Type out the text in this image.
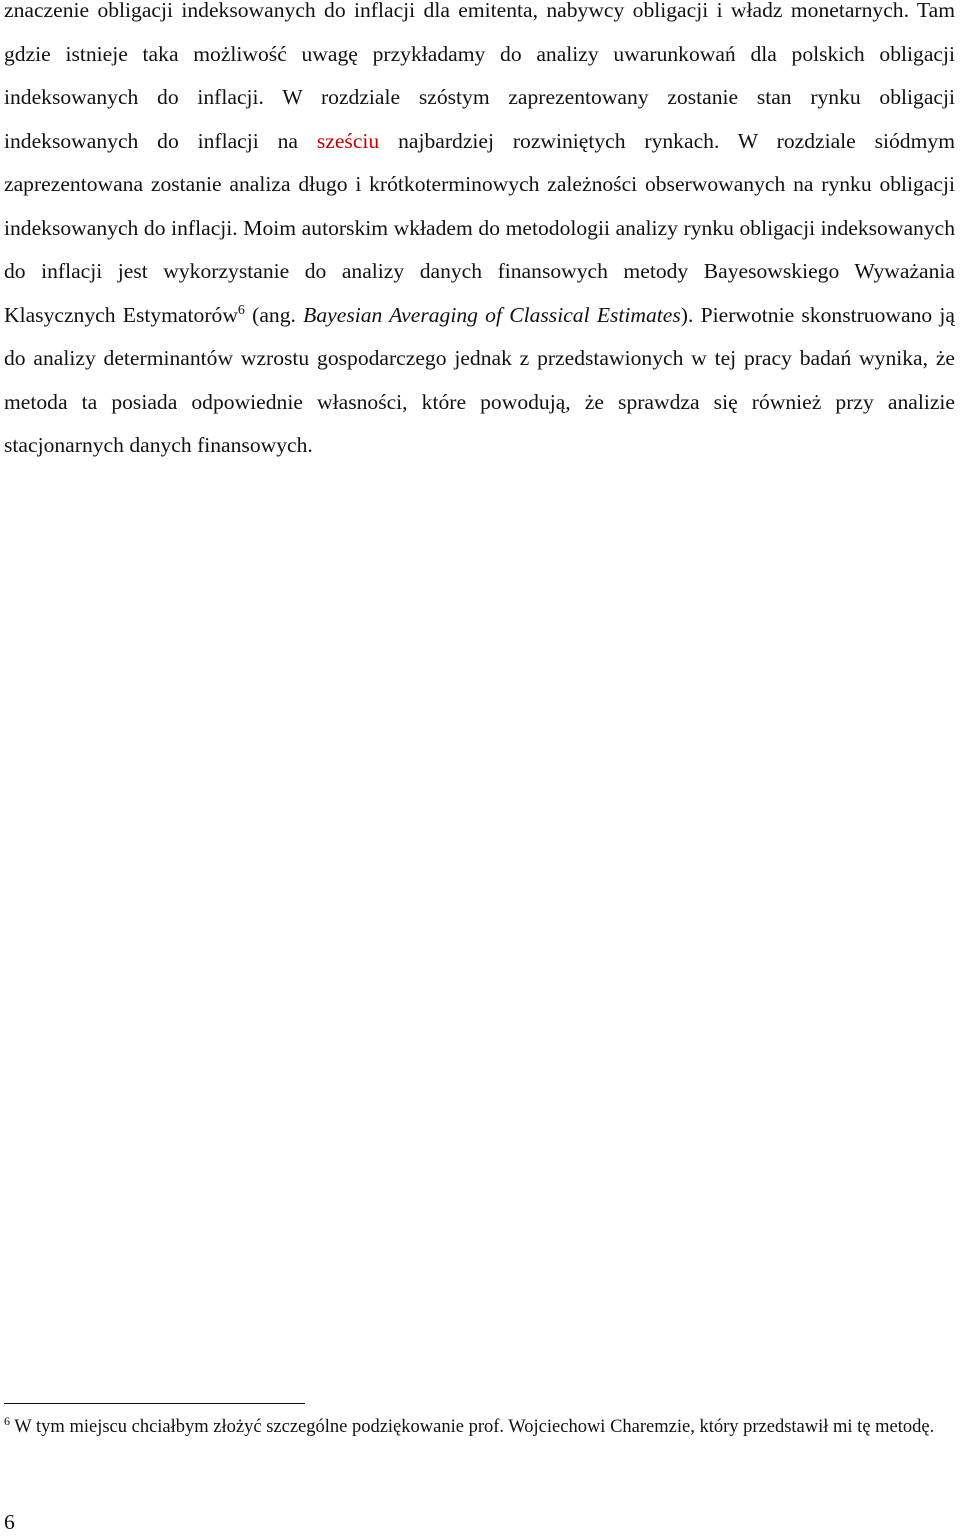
znaczenie obligacji indeksowanych do inflacji dla emitenta, nabywcy obligacji i władz monetarnych. Tam gdzie istnieje taka możliwość uwagę przykładamy do analizy uwarunkowań dla polskich obligacji indeksowanych do inflacji. W rozdziale szóstym zaprezentowany zostanie stan rynku obligacji indeksowanych do inflacji na sześciu najbardziej rozwiniętych rynkach. W rozdziale siódmym zaprezentowana zostanie analiza długo i krótkoterminowych zależności obserwowanych na rynku obligacji indeksowanych do inflacji. Moim autorskim wkładem do metodologii analizy rynku obligacji indeksowanych do inflacji jest wykorzystanie do analizy danych finansowych metody Bayesowskiego Wyważania Klasycznych Estymatorów$^6$ (ang. Bayesian Averaging of Classical Estimates). Pierwotnie skonstruowano ją do analizy determinantów wzrostu gospodarczego jednak z przedstawionych w tej pracy badań wynika, że metoda ta posiada odpowiednie własności, które powodują, że sprawdza się również przy analizie stacjonarnych danych finansowych.

$^6$ W tym miejscu chciałbym złożyć szczególne podziękowanie prof. Wojciechowi Charemzie, który przedstawił mi tę metodę.

6
